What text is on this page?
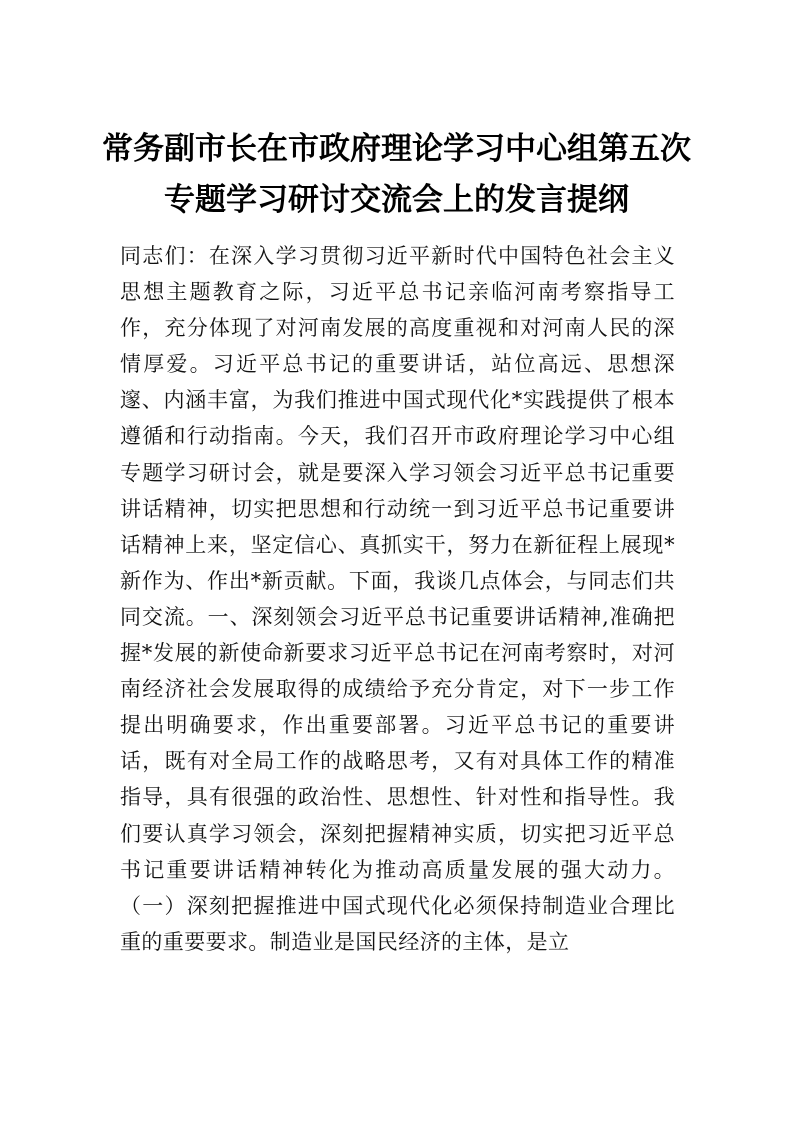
常务副市长在市政府理论学习中心组第五次专题学习研讨交流会上的发言提纲

同志们：在深入学习贯彻习近平新时代中国特色社会主义思想主题教育之际，习近平总书记亲临河南考察指导工作，充分体现了对河南发展的高度重视和对河南人民的深情厚爱。习近平总书记的重要讲话，站位高远、思想深邃、内涵丰富，为我们推进中国式现代化*实践提供了根本遵循和行动指南。今天，我们召开市政府理论学习中心组专题学习研讨会，就是要深入学习领会习近平总书记重要讲话精神，切实把思想和行动统一到习近平总书记重要讲话精神上来，坚定信心、真抓实干，努力在新征程上展现*新作为、作出*新贡献。下面，我谈几点体会，与同志们共同交流。一、深刻领会习近平总书记重要讲话精神,准确把握*发展的新使命新要求习近平总书记在河南考察时，对河南经济社会发展取得的成绩给予充分肯定，对下一步工作提出明确要求，作出重要部署。习近平总书记的重要讲话，既有对全局工作的战略思考，又有对具体工作的精准指导，具有很强的政治性、思想性、针对性和指导性。我们要认真学习领会，深刻把握精神实质，切实把习近平总书记重要讲话精神转化为推动高质量发展的强大动力。（一）深刻把握推进中国式现代化必须保持制造业合理比重的重要要求。制造业是国民经济的主体，是立
